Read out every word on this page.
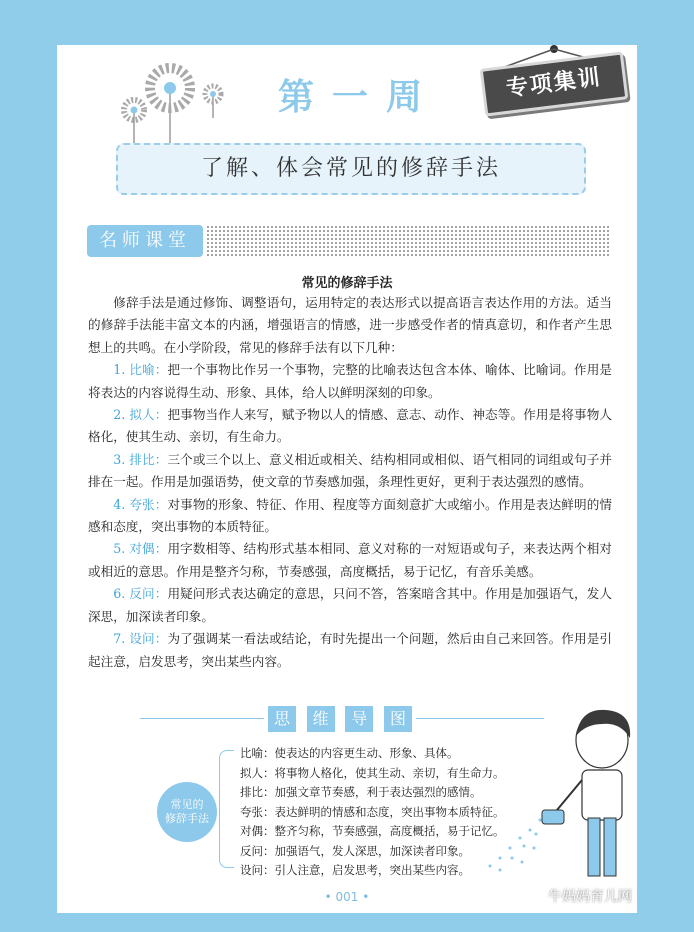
第一周	专项集训
了解、体会常见的修辞手法
名师课堂
常见的修辞手法

修辞手法是通过修饰、调整语句，运用特定的表达形式以提高语言表达作用的方法。适当的修辞手法能丰富文本的内涵，增强语言的情感，进一步感受作者的情真意切，和作者产生思想上的共鸣。在小学阶段，常见的修辞手法有以下几种：

1. 比喻：把一个事物比作另一个事物，完整的比喻表达包含本体、喻体、比喻词。作用是将表达的内容说得生动、形象、具体，给人以鲜明深刻的印象。

2. 拟人：把事物当作人来写，赋予物以人的情感、意志、动作、神态等。作用是将事物人格化，使其生动、亲切，有生命力。

3. 排比：三个或三个以上、意义相近或相关、结构相同或相似、语气相同的词组或句子并排在一起。作用是加强语势，使文章的节奏感加强，条理性更好，更利于表达强烈的感情。

4. 夸张：对事物的形象、特征、作用、程度等方面刻意扩大或缩小。作用是表达鲜明的情感和态度，突出事物的本质特征。

5. 对偶：用字数相等、结构形式基本相同、意义对称的一对短语或句子，来表达两个相对或相近的意思。作用是整齐匀称，节奏感强，高度概括，易于记忆，有音乐美感。

6. 反问：用疑问形式表达确定的意思，只问不答，答案暗含其中。作用是加强语气，发人深思，加深读者印象。

7. 设问：为了强调某一看法或结论，有时先提出一个问题，然后由自己来回答。作用是引起注意，启发思考，突出某些内容。

思	维	导	图
常见的
修辞手法
比喻：使表达的内容更生动、形象、具体。
拟人：将事物人格化，使其生动、亲切，有生命力。
排比：加强文章节奏感，利于表达强烈的感情。
夸张：表达鲜明的情感和态度，突出事物本质特征。
对偶：整齐匀称，节奏感强，高度概括，易于记忆。
反问：加强语气，发人深思，加深读者印象。
设问：引人注意，启发思考，突出某些内容。
• 001 •	牛妈妈育儿网
